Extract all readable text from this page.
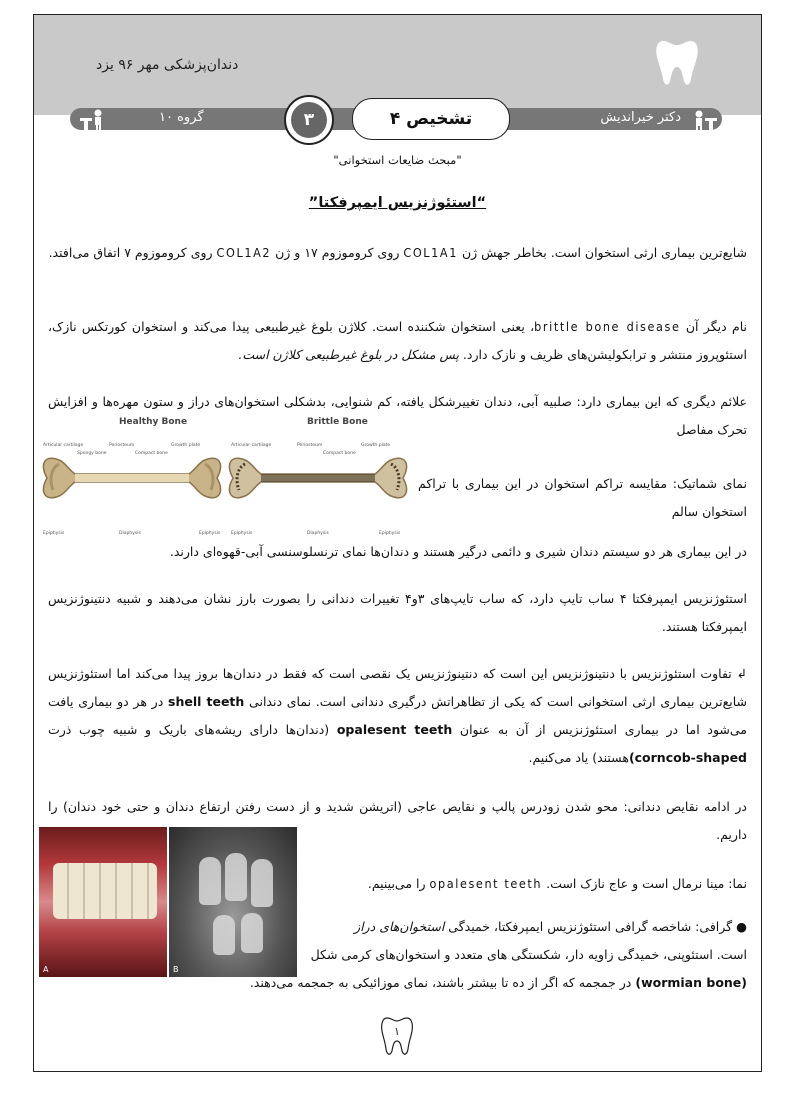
دندان‌پزشکی مهر ۹۶ یزد
گروه ۱۰	۳	تشخیص ۴	دکتر خیراندیش
"مبحث ضایعات استخوانی"
“استئوژنزیس ایمپرفکتا”
شایع‌ترین بیماری ارثی استخوان است. بخاطر جهش ژن COL1A1 روی کروموزوم ۱۷ و ژن COL1A2 روی کروموزوم ۷ اتفاق می‌افتد.
نام دیگر آن brittle bone disease، یعنی استخوان شکننده است. کلاژن بلوغ غیرطبیعی پیدا می‌کند و استخوان کورتکس نازک، استئوپروز منتشر و ترابکولیشن‌های ظریف و نازک دارد. پس مشکل در بلوغ غیرطبیعی کلاژن است.
علائم دیگری که این بیماری دارد: صلبیه آبی، دندان تغییرشکل یافته، کم شنوایی، بدشکلی استخوان‌های دراز و ستون مهره‌ها و افزایش تحرک مفاصل
Healthy Bone	Brittle Bone
Articular cartilage
Spongy bone
Periosteum
Compact bone
Growth plate	Articular cartilage	Periosteum
Compact bone
Growth plate
Epiphysis	Diaphysis	Epiphysis Epiphysis	Diaphysis	Epiphysis
نمای شماتیک: مقایسه تراکم استخوان در این بیماری با تراکم استخوان سالم
در این بیماری هر دو سیستم دندان شیری و دائمی درگیر هستند و دندان‌ها نمای ترنسلوسنسی آبی-قهوه‌ای دارند.
استئوژنزیس ایمپرفکتا ۴ ساب تایپ دارد، که ساب تایپ‌های ۳و۴ تغییرات دندانی را بصورت بارز نشان می‌دهند و شبیه دنتینوژنزیس ایمپرفکتا هستند.
↲ تفاوت استئوژنزیس با دنتینوژنزیس این است که دنتینوژنزیس یک نقصی است که فقط در دندان‌ها بروز پیدا می‌کند اما استئوژنزیس شایع‌ترین بیماری ارثی استخوانی است که یکی از تظاهراتش درگیری دندانی است. نمای دندانی shell teeth در هر دو بیماری یافت می‌شود اما در بیماری استئوژنزیس از آن به عنوان opalesent teeth (دندان‌ها دارای ریشه‌های باریک و شبیه چوب ذرت (corncob-shapedهستند) یاد می‌کنیم.
در ادامه نقایص دندانی: محو شدن زودرس پالپ و نقایص عاجی (اتریشن شدید و از دست رفتن ارتفاع دندان و حتی خود دندان) را داریم.
A	B
نما: مینا نرمال است و عاج نازک است. opalesent teeth را می‌بینیم.
● گرافی: شاخصه گرافی استئوژنزیس ایمپرفکتا، خمیدگی استخوان‌های دراز
است. استئوپنی، خمیدگی زاویه دار، شکستگی های متعدد و استخوان‌های کرمی شکل
(wormian bone) در جمجمه که اگر از ده تا بیشتر باشند، نمای موزائیکی به جمجمه می‌دهند.
۱
